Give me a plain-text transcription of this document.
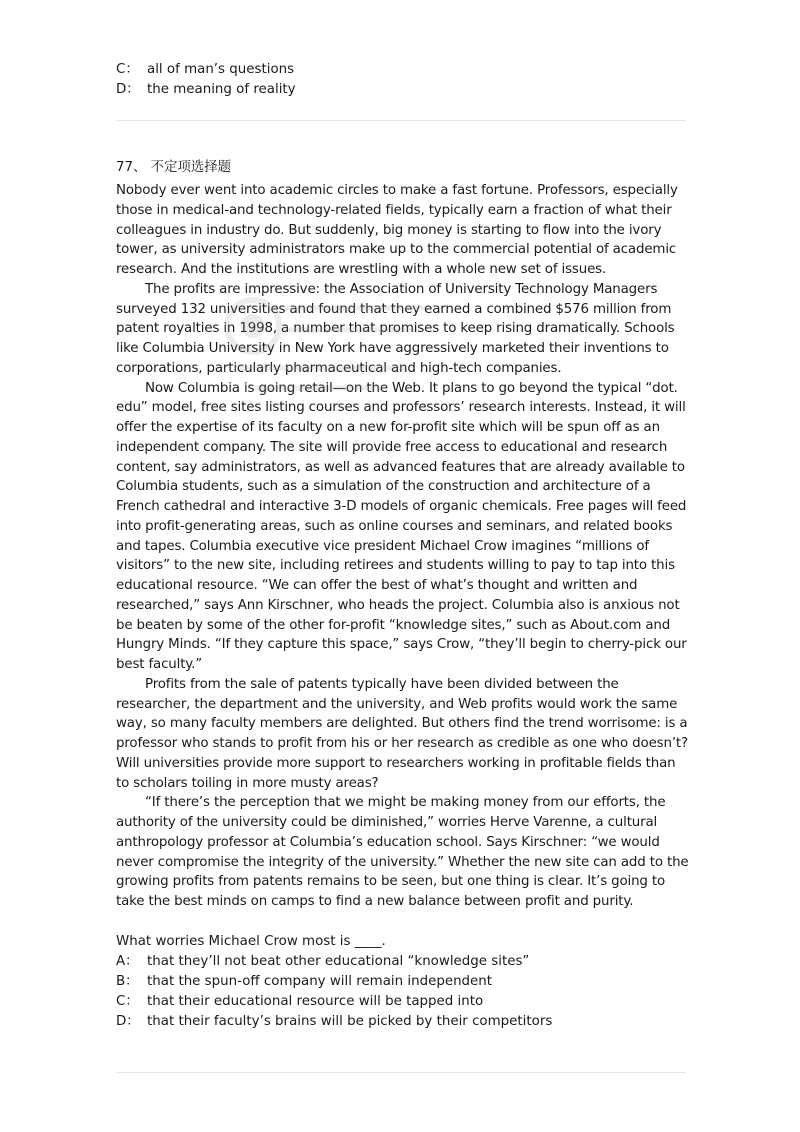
C： all of man’s questions
D： the meaning of reality
77、 不定项选择题

Nobody ever went into academic circles to make a fast fortune. Professors, especially those in medical-and technology-related fields, typically earn a fraction of what their colleagues in industry do. But suddenly, big money is starting to flow into the ivory tower, as university administrators make up to the commercial potential of academic research. And the institutions are wrestling with a whole new set of issues.

The profits are impressive: the Association of University Technology Managers surveyed 132 universities and found that they earned a combined $576 million from patent royalties in 1998, a number that promises to keep rising dramatically. Schools like Columbia University in New York have aggressively marketed their inventions to corporations, particularly pharmaceutical and high-tech companies.

Now Columbia is going retail—on the Web. It plans to go beyond the typical “dot. edu” model, free sites listing courses and professors’ research interests. Instead, it will offer the expertise of its faculty on a new for-profit site which will be spun off as an independent company. The site will provide free access to educational and research content, say administrators, as well as advanced features that are already available to Columbia students, such as a simulation of the construction and architecture of a French cathedral and interactive 3-D models of organic chemicals. Free pages will feed into profit-generating areas, such as online courses and seminars, and related books and tapes. Columbia executive vice president Michael Crow imagines “millions of visitors” to the new site, including retirees and students willing to pay to tap into this educational resource. “We can offer the best of what’s thought and written and researched,” says Ann Kirschner, who heads the project. Columbia also is anxious not be beaten by some of the other for-profit “knowledge sites,” such as About.com and Hungry Minds. “If they capture this space,” says Crow, “they’ll begin to cherry-pick our best faculty.”

Profits from the sale of patents typically have been divided between the researcher, the department and the university, and Web profits would work the same way, so many faculty members are delighted. But others find the trend worrisome: is a professor who stands to profit from his or her research as credible as one who doesn’t? Will universities provide more support to researchers working in profitable fields than to scholars toiling in more musty areas?

“If there’s the perception that we might be making money from our efforts, the authority of the university could be diminished,” worries Herve Varenne, a cultural anthropology professor at Columbia’s education school. Says Kirschner: “we would never compromise the integrity of the university.” Whether the new site can add to the growing profits from patents remains to be seen, but one thing is clear. It’s going to take the best minds on camps to find a new balance between profit and purity.

What worries Michael Crow most is ____.
A： that they’ll not beat other educational “knowledge sites”
B： that the spun-off company will remain independent
C： that their educational resource will be tapped into
D： that their faculty’s brains will be picked by their competitors
